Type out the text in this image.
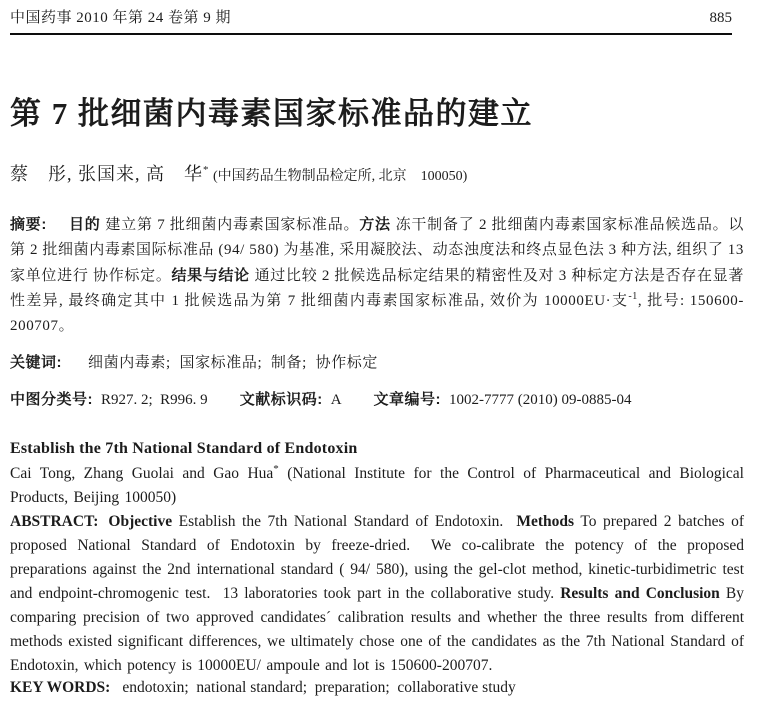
中国药事 2010 年第 24 卷第 9 期	885
第 7 批细菌内毒素国家标准品的建立
蔡　彤, 张国来, 高　华* (中国药品生物制品检定所, 北京　100050)

摘要: 目的 建立第 7 批细菌内毒素国家标准品。方法 冻干制备了 2 批细菌内毒素国家标准品候选品。以第 2 批细菌内毒素国际标准品 (94/ 580) 为基准, 采用凝胶法、动态浊度法和终点显色法 3 种方法, 组织了 13 家单位进行 协作标定。结果与结论 通过比较 2 批候选品标定结果的精密性及对 3 种标定方法是否存在显著性差异, 最终确定其中 1 批候选品为第 7 批细菌内毒素国家标准品, 效价为 10000EU·支$^{-1}$, 批号: 150600-200707。

关键词: 细菌内毒素;  国家标准品;  制备;  协作标定
中图分类号: R927. 2;  R996. 9 文献标识码: A 文章编号: 1002-7777 (2010) 09-0885-04
Establish the 7th National Standard of Endotoxin

Cai Tong, Zhang Guolai and Gao Hua* (National Institute for the Control of Pharmaceutical and Biological Products, Beijing 100050)

ABSTRACT: Objective Establish the 7th National Standard of Endotoxin.  Methods To prepared 2 batches of proposed National Standard of Endotoxin by freeze-dried.  We co-calibrate the potency of the proposed preparations against the 2nd international standard ( 94/ 580), using the gel-clot method, kinetic-turbidimetric test and endpoint-chromogenic test.  13 laboratories took part in the collaborative study. Results and Conclusion By comparing precision of two approved candidates´ calibration results and whether the three results from different methods existed significant differences, we ultimately chose one of the candidates as the 7th National Standard of Endotoxin, which potency is 10000EU/ ampoule and lot is 150600-200707.

KEY WORDS: endotoxin;  national standard;  preparation;  collaborative study
